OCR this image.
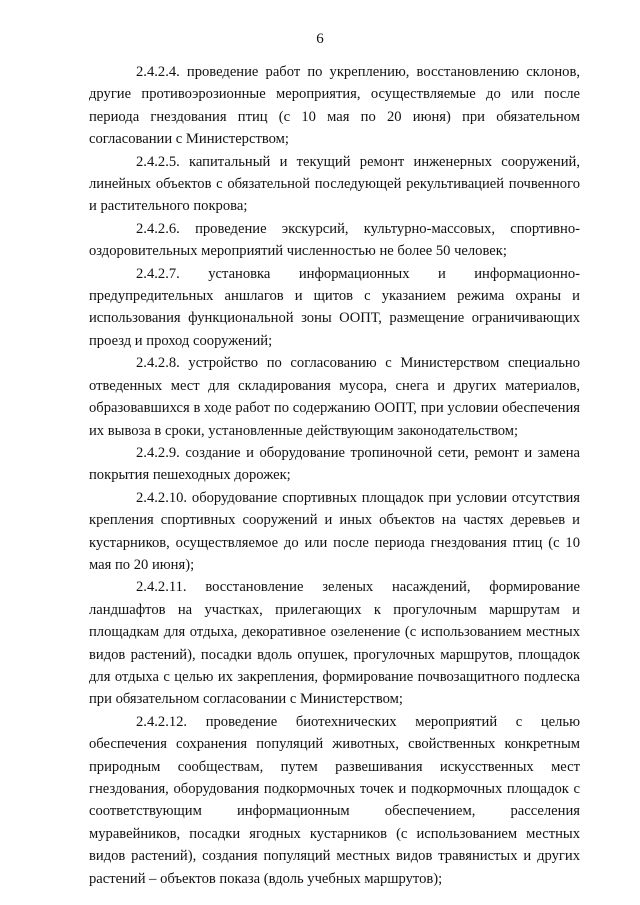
6

2.4.2.4. проведение работ по укреплению, восстановлению склонов, другие противоэрозионные мероприятия, осуществляемые до или после периода гнездования птиц (с 10 мая по 20 июня) при обязательном согласовании с Министерством;

2.4.2.5. капитальный и текущий ремонт инженерных сооружений, линейных объектов с обязательной последующей рекультивацией почвенного и растительного покрова;

2.4.2.6. проведение экскурсий, культурно-массовых, спортивно-оздоровительных мероприятий численностью не более 50 человек;

2.4.2.7. установка информационных и информационно-предупредительных аншлагов и щитов с указанием режима охраны и использования функциональной зоны ООПТ, размещение ограничивающих проезд и проход сооружений;

2.4.2.8. устройство по согласованию с Министерством специально отведенных мест для складирования мусора, снега и других материалов, образовавшихся в ходе работ по содержанию ООПТ, при условии обеспечения их вывоза в сроки, установленные действующим законодательством;

2.4.2.9. создание и оборудование тропиночной сети, ремонт и замена покрытия пешеходных дорожек;

2.4.2.10. оборудование спортивных площадок при условии отсутствия крепления спортивных сооружений и иных объектов на частях деревьев и кустарников, осуществляемое до или после периода гнездования птиц (с 10 мая по 20 июня);

2.4.2.11. восстановление зеленых насаждений, формирование ландшафтов на участках, прилегающих к прогулочным маршрутам и площадкам для отдыха, декоративное озеленение (с использованием местных видов растений), посадки вдоль опушек, прогулочных маршрутов, площадок для отдыха с целью их закрепления, формирование почвозащитного подлеска при обязательном согласовании с Министерством;

2.4.2.12. проведение биотехнических мероприятий с целью обеспечения сохранения популяций животных, свойственных конкретным природным сообществам, путем развешивания искусственных мест гнездования, оборудования подкормочных точек и подкормочных площадок с соответствующим информационным обеспечением, расселения муравейников, посадки ягодных кустарников (с использованием местных видов растений), создания популяций местных видов травянистых и других растений – объектов показа (вдоль учебных маршрутов);
